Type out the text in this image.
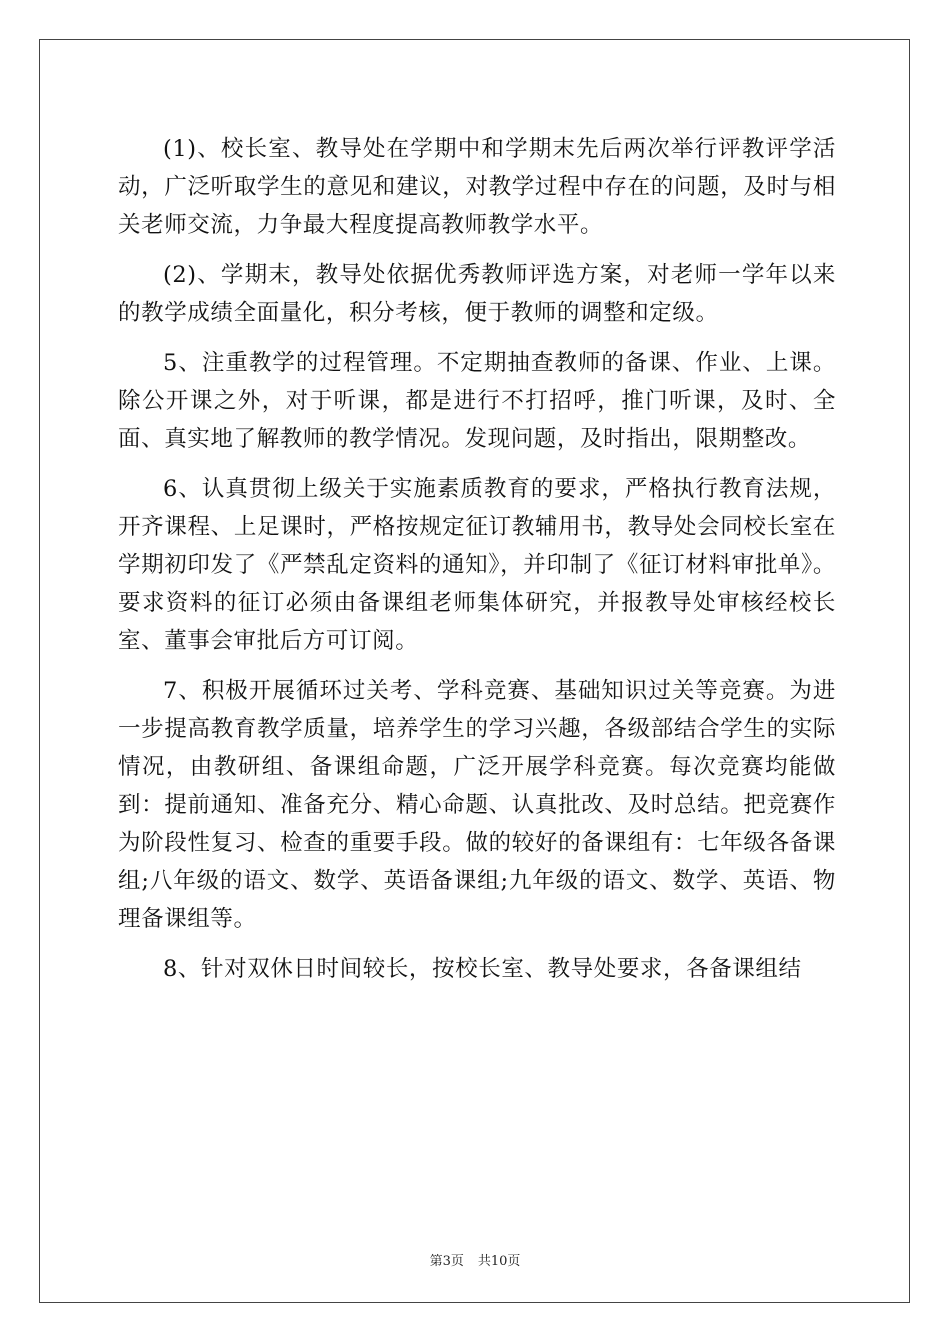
(1)、校长室、教导处在学期中和学期末先后两次举行评教评学活动，广泛听取学生的意见和建议，对教学过程中存在的问题，及时与相关老师交流，力争最大程度提高教师教学水平。

(2)、学期末，教导处依据优秀教师评选方案，对老师一学年以来的教学成绩全面量化，积分考核，便于教师的调整和定级。

5、注重教学的过程管理。不定期抽查教师的备课、作业、上课。除公开课之外，对于听课，都是进行不打招呼，推门听课，及时、全面、真实地了解教师的教学情况。发现问题，及时指出，限期整改。

6、认真贯彻上级关于实施素质教育的要求，严格执行教育法规，开齐课程、上足课时，严格按规定征订教辅用书，教导处会同校长室在学期初印发了《严禁乱定资料的通知》，并印制了《征订材料审批单》。要求资料的征订必须由备课组老师集体研究，并报教导处审核经校长室、董事会审批后方可订阅。

7、积极开展循环过关考、学科竞赛、基础知识过关等竞赛。为进一步提高教育教学质量，培养学生的学习兴趣，各级部结合学生的实际情况，由教研组、备课组命题，广泛开展学科竞赛。每次竞赛均能做到：提前通知、准备充分、精心命题、认真批改、及时总结。把竞赛作为阶段性复习、检查的重要手段。做的较好的备课组有：七年级各备课组;八年级的语文、数学、英语备课组;九年级的语文、数学、英语、物理备课组等。

8、针对双休日时间较长，按校长室、教导处要求，各备课组结

第3页 共10页
